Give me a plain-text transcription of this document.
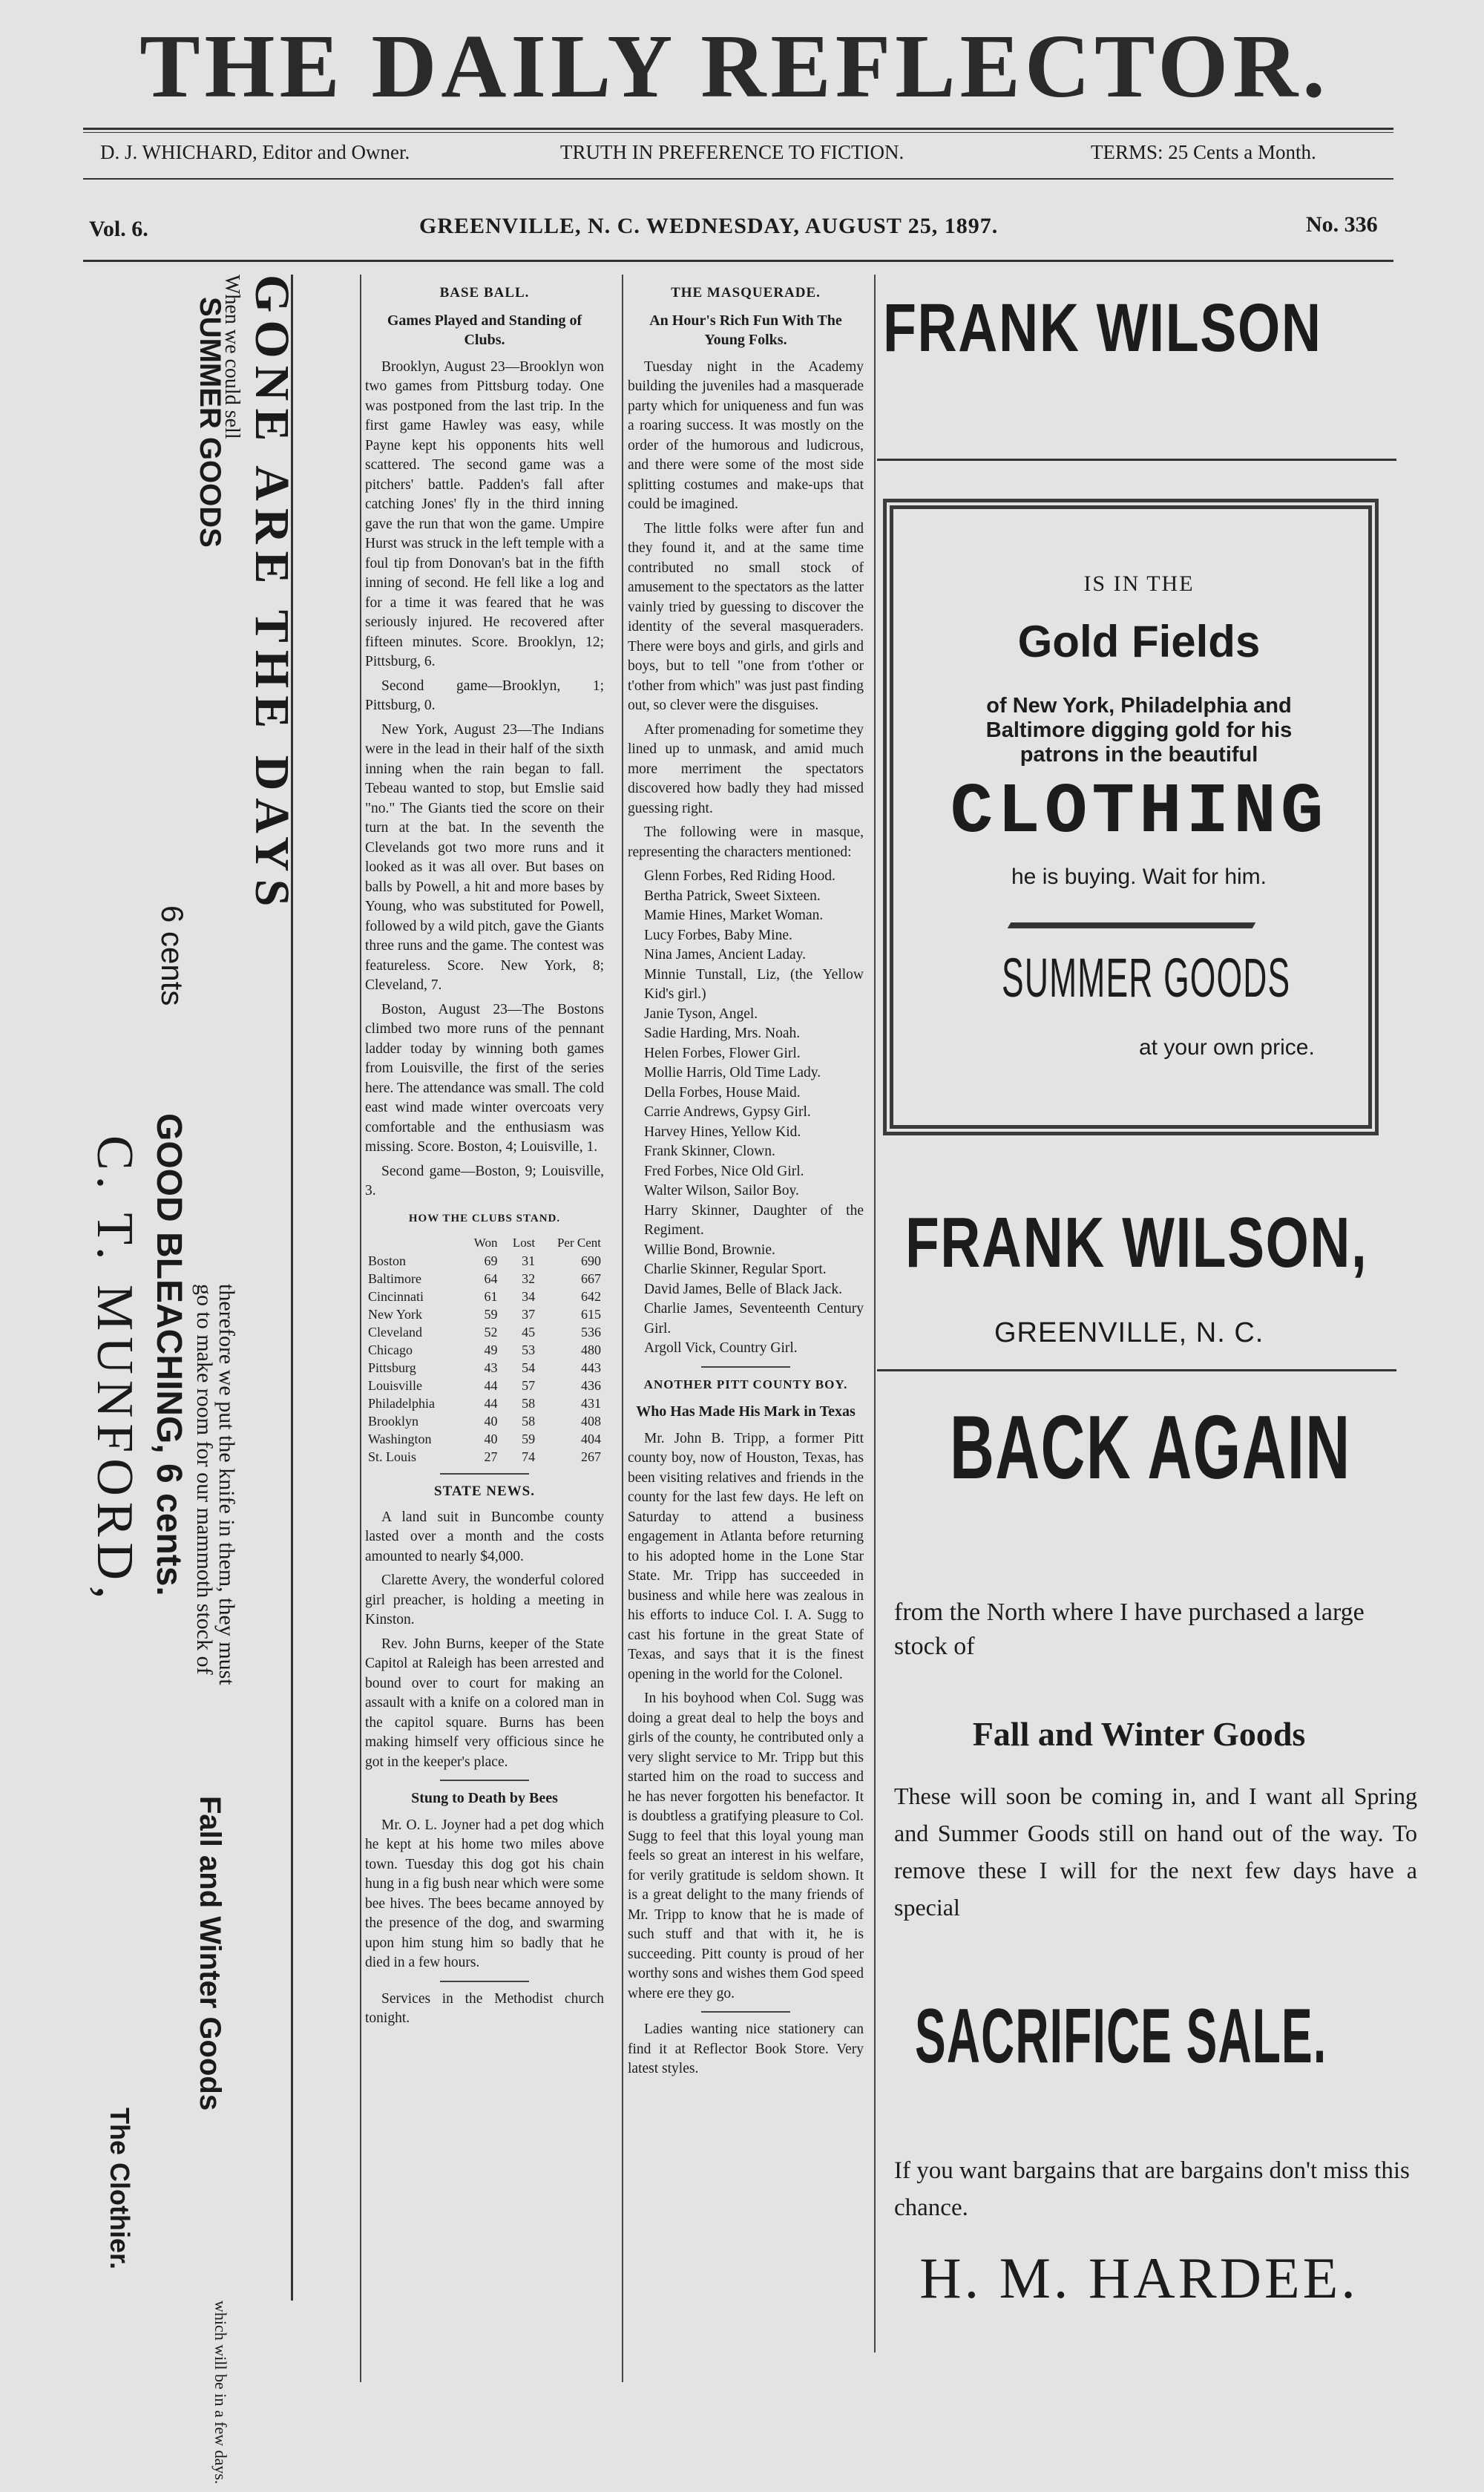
THE DAILY REFLECTOR.
D. J. WHICHARD, Editor and Owner.	TRUTH IN PREFERENCE TO FICTION.	TERMS: 25 Cents a Month.
Vol. 6.	GREENVILLE, N. C. WEDNESDAY, AUGUST 25, 1897.	No. 336
GONE ARE THE DAYS
When we could sell
SUMMER GOODS
therefore we put the knife in them, they must
go to make room for our mammoth stock of
Fall and Winter Goods
which will be in a few days.
6 cents
GOOD BLEACHING, 6 cents.
C. T. MUNFORD,
The Clothier.
BASE BALL.
Games Played and Standing of Clubs.

Brooklyn, August 23—Brooklyn won two games from Pittsburg today. One was postponed from the last trip. In the first game Hawley was easy, while Payne kept his opponents hits well scattered. The second game was a pitchers' battle. Padden's fall after catching Jones' fly in the third inning gave the run that won the game. Umpire Hurst was struck in the left temple with a foul tip from Donovan's bat in the fifth inning of second. He fell like a log and for a time it was feared that he was seriously injured. He recovered after fifteen minutes. Score. Brooklyn, 12; Pittsburg, 6.

Second game—Brooklyn, 1; Pittsburg, 0.

New York, August 23—The Indians were in the lead in their half of the sixth inning when the rain began to fall. Tebeau wanted to stop, but Emslie said "no." The Giants tied the score on their turn at the bat. In the seventh the Clevelands got two more runs and it looked as it was all over. But bases on balls by Powell, a hit and more bases by Young, who was substituted for Powell, followed by a wild pitch, gave the Giants three runs and the game. The contest was featureless. Score. New York, 8; Cleveland, 7.

Boston, August 23—The Bostons climbed two more runs of the pennant ladder today by winning both games from Louisville, the first of the series here. The attendance was small. The cold east wind made winter overcoats very comfortable and the enthusiasm was missing. Score. Boston, 4; Louisville, 1.

Second game—Boston, 9; Louisville, 3.

HOW THE CLUBS STAND.
	Won	Lost	Per Cent
Boston	69	31	690
Baltimore	64	32	667
Cincinnati	61	34	642
New York	59	37	615
Cleveland	52	45	536
Chicago	49	53	480
Pittsburg	43	54	443
Louisville	44	57	436
Philadelphia	44	58	431
Brooklyn	40	58	408
Washington	40	59	404
St. Louis	27	74	267
STATE NEWS.

A land suit in Buncombe county lasted over a month and the costs amounted to nearly $4,000.

Clarette Avery, the wonderful colored girl preacher, is holding a meeting in Kinston.

Rev. John Burns, keeper of the State Capitol at Raleigh has been arrested and bound over to court for making an assault with a knife on a colored man in the capitol square. Burns has been making himself very officious since he got in the keeper's place.

Stung to Death by Bees

Mr. O. L. Joyner had a pet dog which he kept at his home two miles above town. Tuesday this dog got his chain hung in a fig bush near which were some bee hives. The bees became annoyed by the presence of the dog, and swarming upon him stung him so badly that he died in a few hours.

Services in the Methodist church tonight.

THE MASQUERADE.
An Hour's Rich Fun With The Young Folks.

Tuesday night in the Academy building the juveniles had a masquerade party which for uniqueness and fun was a roaring success. It was mostly on the order of the humorous and ludicrous, and there were some of the most side splitting costumes and make-ups that could be imagined.

The little folks were after fun and they found it, and at the same time contributed no small stock of amusement to the spectators as the latter vainly tried by guessing to discover the identity of the several masqueraders. There were boys and girls, and girls and boys, but to tell "one from t'other or t'other from which" was just past finding out, so clever were the disguises.

After promenading for sometime they lined up to unmask, and amid much more merriment the spectators discovered how badly they had missed guessing right.

The following were in masque, representing the characters mentioned:

Glenn Forbes, Red Riding Hood.

Bertha Patrick, Sweet Sixteen.

Mamie Hines, Market Woman.

Lucy Forbes, Baby Mine.

Nina James, Ancient Laday.

Minnie Tunstall, Liz, (the Yellow Kid's girl.)

Janie Tyson, Angel.

Sadie Harding, Mrs. Noah.

Helen Forbes, Flower Girl.

Mollie Harris, Old Time Lady.

Della Forbes, House Maid.

Carrie Andrews, Gypsy Girl.

Harvey Hines, Yellow Kid.

Frank Skinner, Clown.

Fred Forbes, Nice Old Girl.

Walter Wilson, Sailor Boy.

Harry Skinner, Daughter of the Regiment.

Willie Bond, Brownie.

Charlie Skinner, Regular Sport.

David James, Belle of Black Jack.

Charlie James, Seventeenth Century Girl.

Argoll Vick, Country Girl.

ANOTHER PITT COUNTY BOY.
Who Has Made His Mark in Texas

Mr. John B. Tripp, a former Pitt county boy, now of Houston, Texas, has been visiting relatives and friends in the county for the last few days. He left on Saturday to attend a business engagement in Atlanta before returning to his adopted home in the Lone Star State. Mr. Tripp has succeeded in business and while here was zealous in his efforts to induce Col. I. A. Sugg to cast his fortune in the great State of Texas, and says that it is the finest opening in the world for the Colonel.

In his boyhood when Col. Sugg was doing a great deal to help the boys and girls of the county, he contributed only a very slight service to Mr. Tripp but this started him on the road to success and he has never forgotten his benefactor. It is doubtless a gratifying pleasure to Col. Sugg to feel that this loyal young man feels so great an interest in his welfare, for verily gratitude is seldom shown. It is a great delight to the many friends of Mr. Tripp to know that he is made of such stuff and that with it, he is succeeding. Pitt county is proud of her worthy sons and wishes them God speed where ere they go.

Ladies wanting nice stationery can find it at Reflector Book Store. Very latest styles.

FRANK WILSON
IS IN THE
Gold Fields
of New York, Philadelphia and
Baltimore digging gold for his
patrons in the beautiful
CLOTHING
he is buying. Wait for him.
SUMMER GOODS
at your own price.
FRANK WILSON,
GREENVILLE, N. C.
BACK AGAIN
from the North where I have purchased a large stock of
Fall and Winter Goods
These will soon be coming in, and I want all Spring and Summer Goods still on hand out of the way. To remove these I will for the next few days have a special
SACRIFICE SALE.
If you want bargains that are bargains don't miss this chance.
H. M. HARDEE.
